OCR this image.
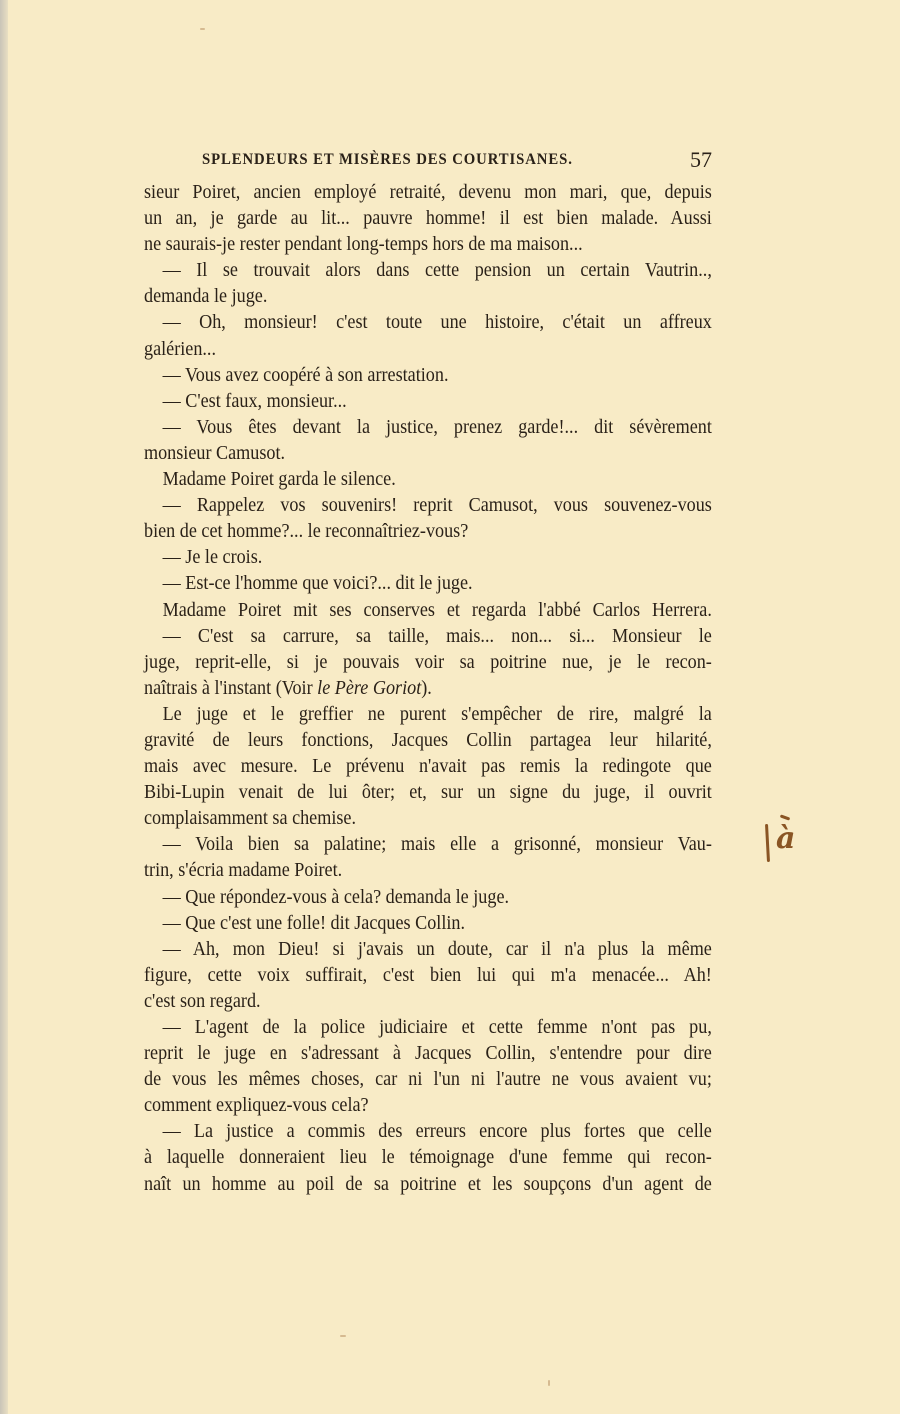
SPLENDEURS ET MISÈRES DES COURTISANES.	57
sieur Poiret, ancien employé retraité, devenu mon mari, que, depuis
un an, je garde au lit... pauvre homme! il est bien malade. Aussi
ne saurais-je rester pendant long-temps hors de ma maison...
— Il se trouvait alors dans cette pension un certain Vautrin..,
demanda le juge.
— Oh, monsieur! c'est toute une histoire, c'était un affreux
galérien...
— Vous avez coopéré à son arrestation.
— C'est faux, monsieur...
— Vous êtes devant la justice, prenez garde!... dit sévèrement
monsieur Camusot.
Madame Poiret garda le silence.
— Rappelez vos souvenirs! reprit Camusot, vous souvenez-vous
bien de cet homme?... le reconnaîtriez-vous?
— Je le crois.
— Est-ce l'homme que voici?... dit le juge.
Madame Poiret mit ses conserves et regarda l'abbé Carlos Herrera.
— C'est sa carrure, sa taille, mais... non... si... Monsieur le
juge, reprit-elle, si je pouvais voir sa poitrine nue, je le recon-
naîtrais à l'instant (Voir le Père Goriot).
Le juge et le greffier ne purent s'empêcher de rire, malgré la
gravité de leurs fonctions, Jacques Collin partagea leur hilarité,
mais avec mesure. Le prévenu n'avait pas remis la redingote que
Bibi-Lupin venait de lui ôter; et, sur un signe du juge, il ouvrit
complaisamment sa chemise.
— Voila bien sa palatine; mais elle a grisonné, monsieur Vau-
trin, s'écria madame Poiret.
— Que répondez-vous à cela? demanda le juge.
— Que c'est une folle! dit Jacques Collin.
— Ah, mon Dieu! si j'avais un doute, car il n'a plus la même
figure, cette voix suffirait, c'est bien lui qui m'a menacée... Ah!
c'est son regard.
— L'agent de la police judiciaire et cette femme n'ont pas pu,
reprit le juge en s'adressant à Jacques Collin, s'entendre pour dire
de vous les mêmes choses, car ni l'un ni l'autre ne vous avaient vu;
comment expliquez-vous cela?
— La justice a commis des erreurs encore plus fortes que celle
à laquelle donneraient lieu le témoignage d'une femme qui recon-
naît un homme au poil de sa poitrine et les soupçons d'un agent de
à
